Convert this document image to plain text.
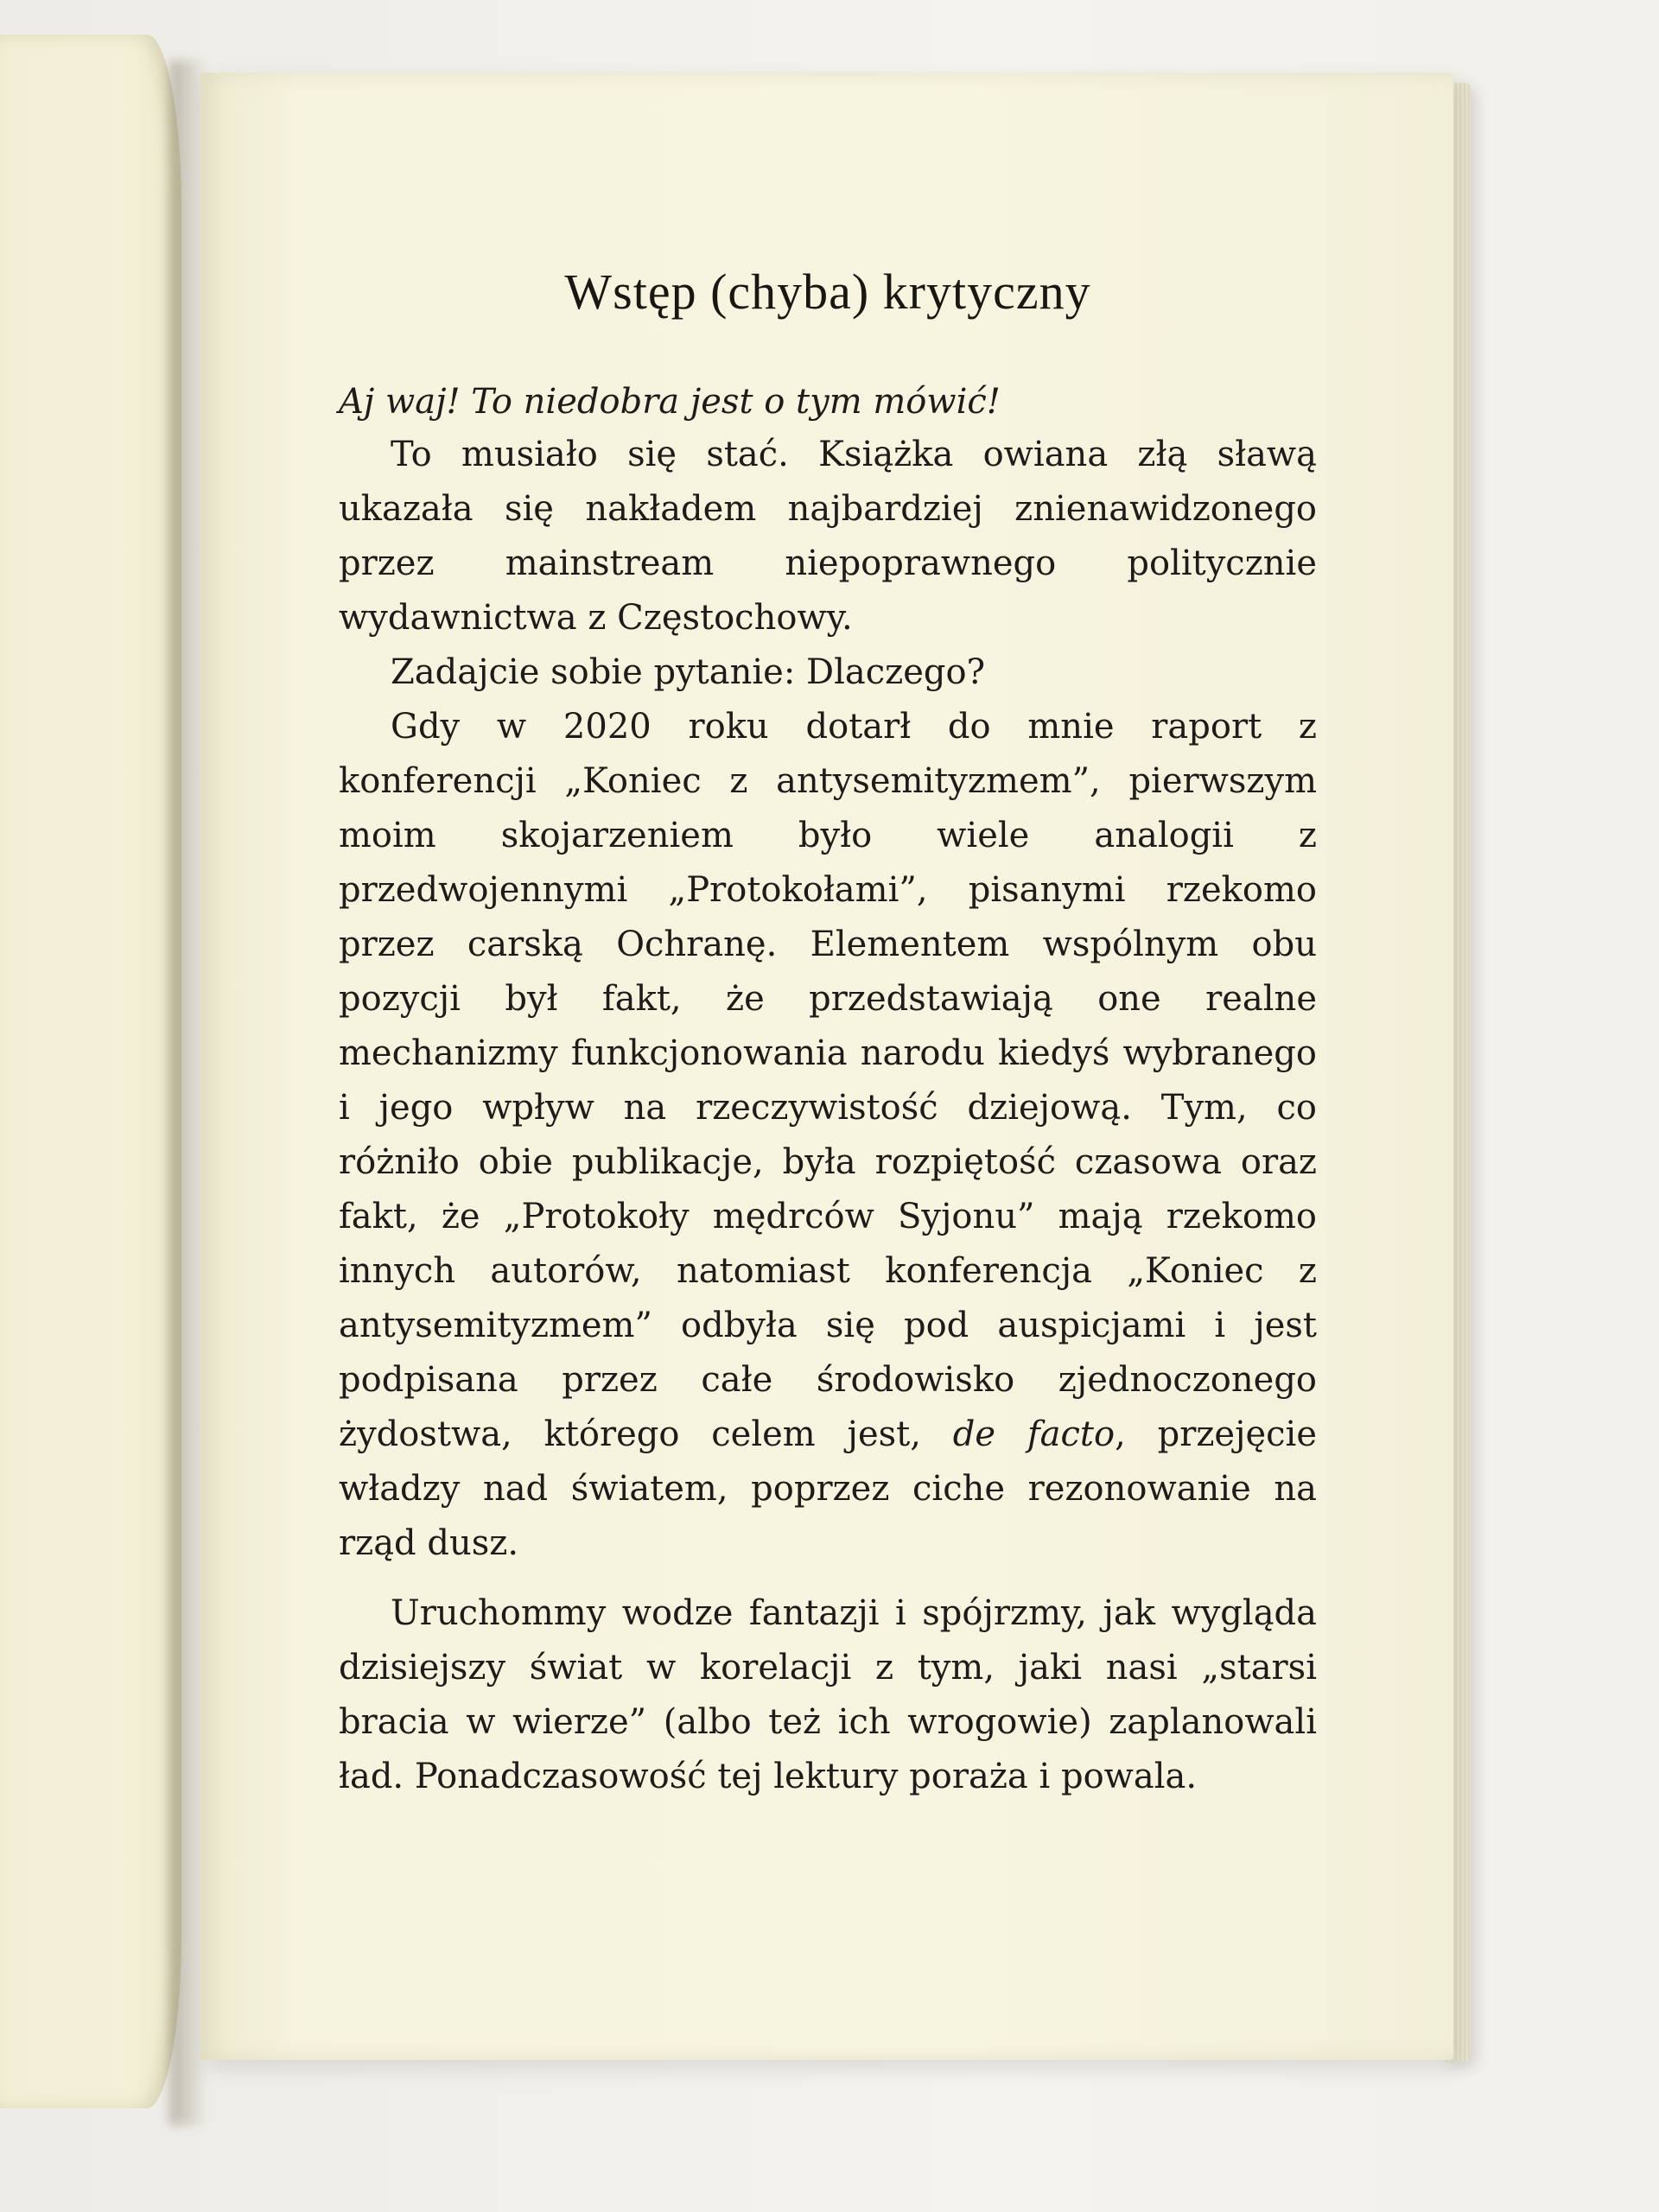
Wstęp (chyba) krytyczny

Aj waj! To niedobra jest o tym mówić!

To musiało się stać. Książka owiana złą sławą ukazała się nakładem najbardziej znienawidzonego przez mainstream niepoprawnego politycznie wydawnictwa z Częstochowy.

Zadajcie sobie pytanie: Dlaczego?

Gdy w 2020 roku dotarł do mnie raport z konferencji „Koniec z antysemityzmem”, pierwszym moim skojarzeniem było wiele analogii z przedwojennymi „Protokołami”, pisanymi rzekomo przez carską Ochranę. Elementem wspólnym obu pozycji był fakt, że przedstawiają one realne mechanizmy funkcjonowania narodu kiedyś wybranego i jego wpływ na rzeczywistość dziejową. Tym, co różniło obie publikacje, była rozpiętość czasowa oraz fakt, że „Protokoły mędrców Syjonu” mają rzekomo innych autorów, natomiast konferencja „Koniec z antysemityzmem” odbyła się pod auspicjami i jest podpisana przez całe środowisko zjednoczonego żydostwa, którego celem jest, de facto, przejęcie władzy nad światem, poprzez ciche rezonowanie na rząd dusz.

Uruchommy wodze fantazji i spójrzmy, jak wygląda dzisiejszy świat w korelacji z tym, jaki nasi „starsi bracia w wierze” (albo też ich wrogowie) zaplanowali ład. Ponadczasowość tej lektury poraża i powala.
